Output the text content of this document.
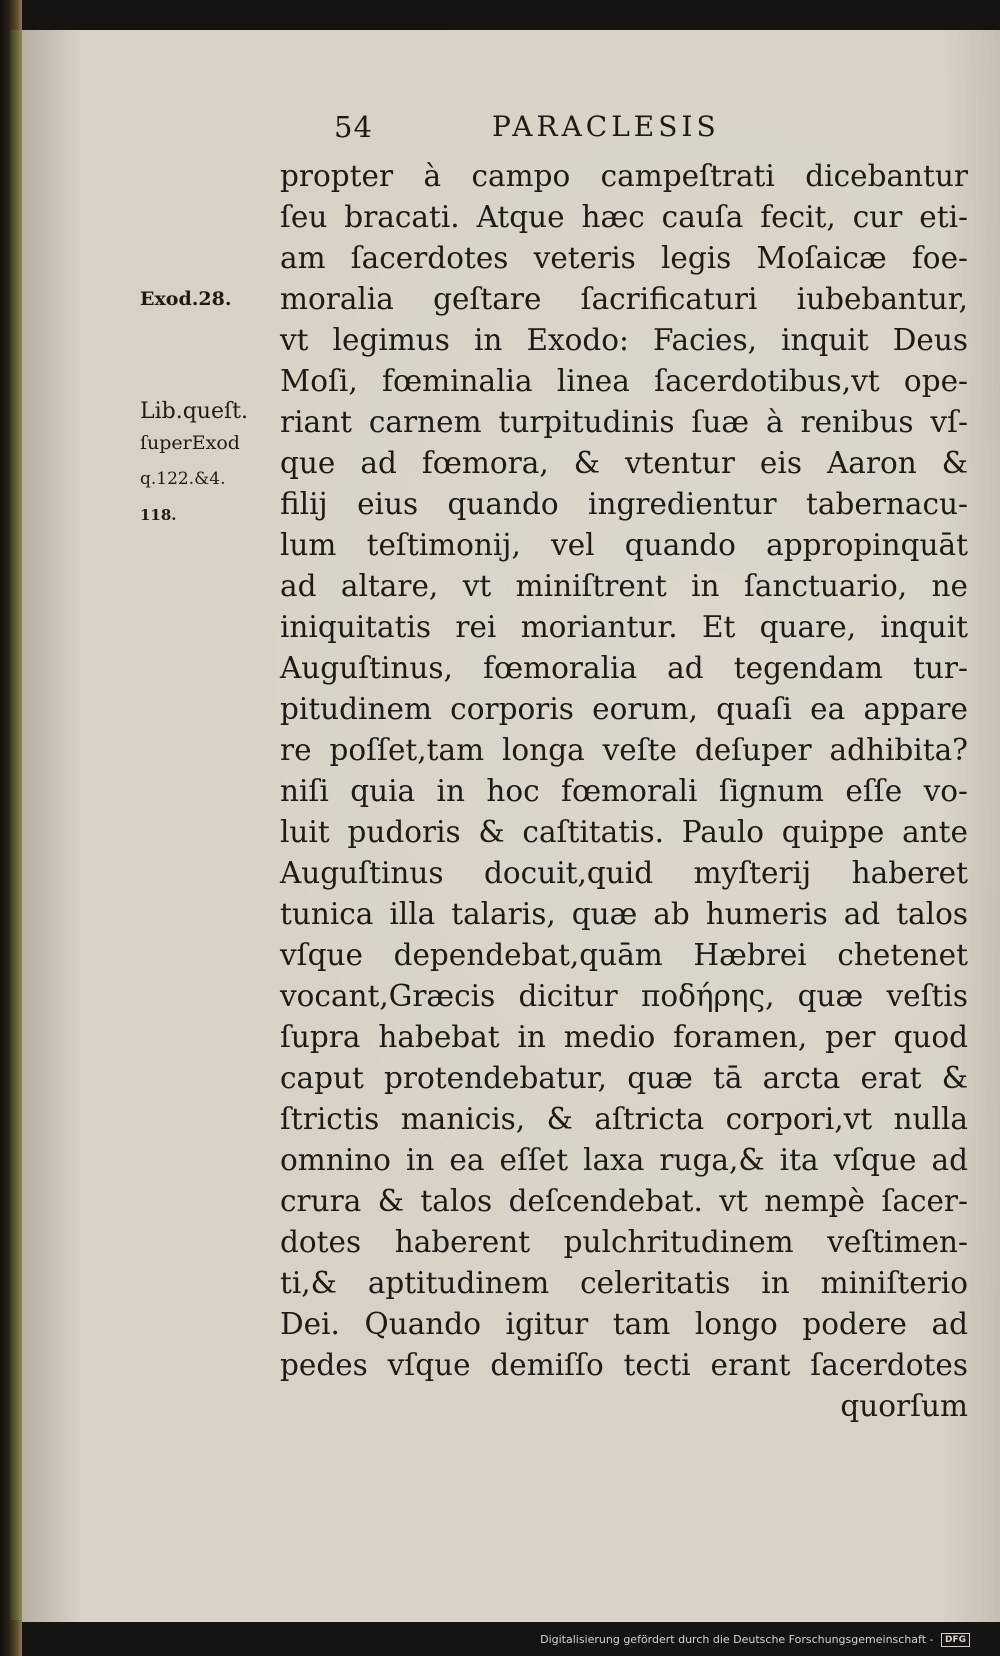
54	PARACLESIS
Exod.28.
Lib.queſt.
ſuperExod
q.122.&4.
118.
propter à campo campeſtrati dicebantur
ſeu bracati. Atque hæc cauſa fecit, cur eti-
am ſacerdotes veteris legis Moſaicæ foe-
moralia geſtare ſacrificaturi iubebantur,
vt legimus in Exodo: Facies, inquit Deus
Moſi, fœminalia linea ſacerdotibus,vt ope-
riant carnem turpitudinis ſuæ à renibus vſ-
que ad fœmora, & vtentur eis Aaron &
filij eius quando ingredientur tabernacu-
lum teſtimonij, vel quando appropinquāt
ad altare, vt miniſtrent in ſanctuario, ne
iniquitatis rei moriantur. Et quare, inquit
Auguſtinus, fœmoralia ad tegendam tur-
pitudinem corporis eorum, quaſi ea appare
re poſſet,tam longa veſte deſuper adhibita?
niſi quia in hoc fœmorali ſignum eſſe vo-
luit pudoris & caſtitatis. Paulo quippe ante
Auguſtinus docuit,quid myſterij haberet
tunica illa talaris, quæ ab humeris ad talos
vſque dependebat,quām Hæbrei chetenet
vocant,Græcis dicitur ποδήρης, quæ veſtis
ſupra habebat in medio foramen, per quod
caput protendebatur, quæ tā arcta erat &
ſtrictis manicis, & aſtricta corpori,vt nulla
omnino in ea eſſet laxa ruga,& ita vſque ad
crura & talos deſcendebat. vt nempè ſacer-
dotes haberent pulchritudinem veſtimen-
ti,& aptitudinem celeritatis in miniſterio
Dei. Quando igitur tam longo podere ad
pedes vſque demiſſo tecti erant ſacerdotes
quorſum
Digitalisierung gefördert durch die Deutsche Forschungsgemeinschaft - DFG
